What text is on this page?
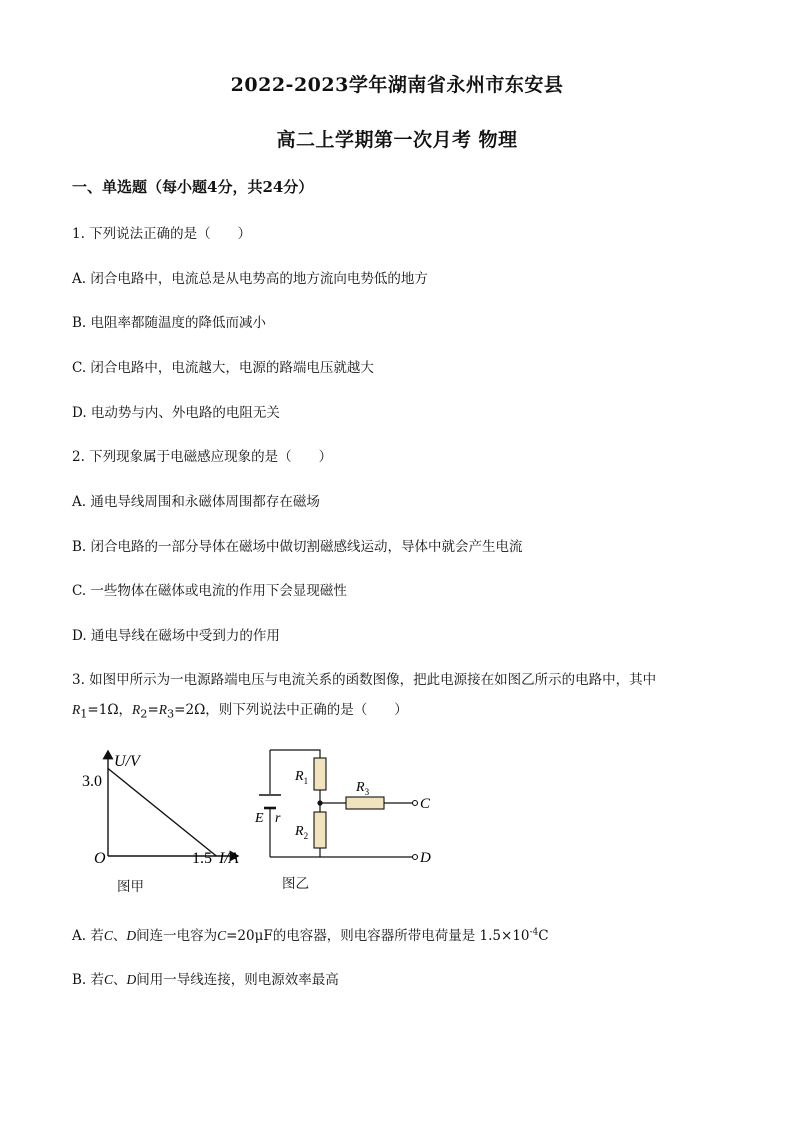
2022-2023学年湖南省永州市东安县
高二上学期第一次月考 物理
一、单选题（每小题4分，共24分）
1. 下列说法正确的是（　　）
A. 闭合电路中，电流总是从电势高的地方流向电势低的地方
B. 电阻率都随温度的降低而减小
C. 闭合电路中，电流越大，电源的路端电压就越大
D. 电动势与内、外电路的电阻无关
2. 下列现象属于电磁感应现象的是（　　）
A. 通电导线周围和永磁体周围都存在磁场
B. 闭合电路的一部分导体在磁场中做切割磁感线运动，导体中就会产生电流
C. 一些物体在磁体或电流的作用下会显现磁性
D. 通电导线在磁场中受到力的作用
3. 如图甲所示为一电源路端电压与电流关系的函数图像，把此电源接在如图乙所示的电路中，其中
$R_1=1\Omega$，$R_2=R_3=2\Omega$，则下列说法中正确的是（　　）
U/V
3.0
O	1.5 I/A
图甲
$R_1$
$R_2$
$R_3$
E r
C
D
图乙
A. 若C、D间连一电容为C=20μF的电容器，则电容器所带电荷量是 $1.5\times 10^{-4}C$
B. 若C、D间用一导线连接，则电源效率最高
